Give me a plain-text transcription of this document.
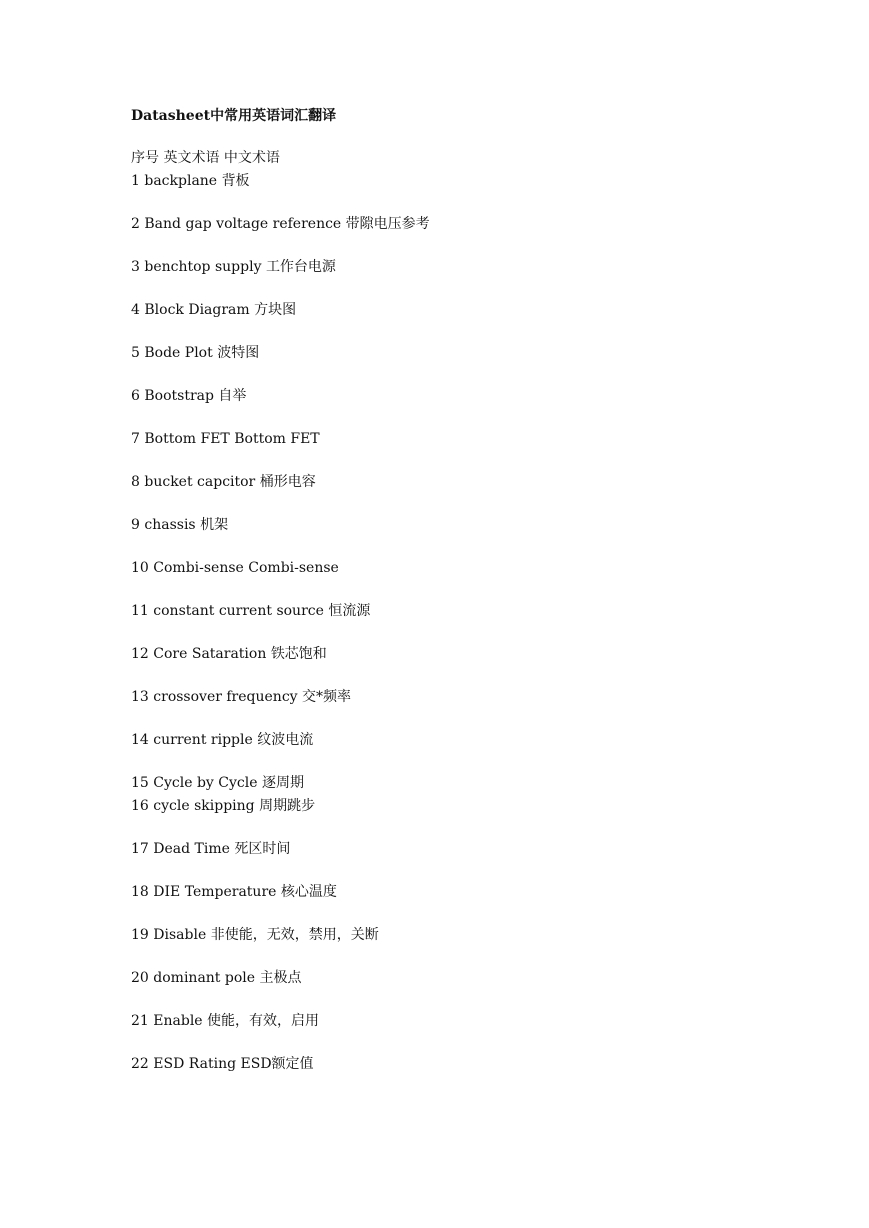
Datasheet中常用英语词汇翻译
序号 英文术语 中文术语
1 backplane 背板
2 Band gap voltage reference 带隙电压参考
3 benchtop supply 工作台电源
4 Block Diagram 方块图
5 Bode Plot 波特图
6 Bootstrap 自举
7 Bottom FET Bottom FET
8 bucket capcitor 桶形电容
9 chassis 机架
10 Combi-sense Combi-sense
11 constant current source 恒流源
12 Core Sataration 铁芯饱和
13 crossover frequency 交*频率
14 current ripple 纹波电流
15 Cycle by Cycle 逐周期
16 cycle skipping 周期跳步
17 Dead Time 死区时间
18 DIE Temperature 核心温度
19 Disable 非使能，无效，禁用，关断
20 dominant pole 主极点
21 Enable 使能，有效，启用
22 ESD Rating ESD额定值
